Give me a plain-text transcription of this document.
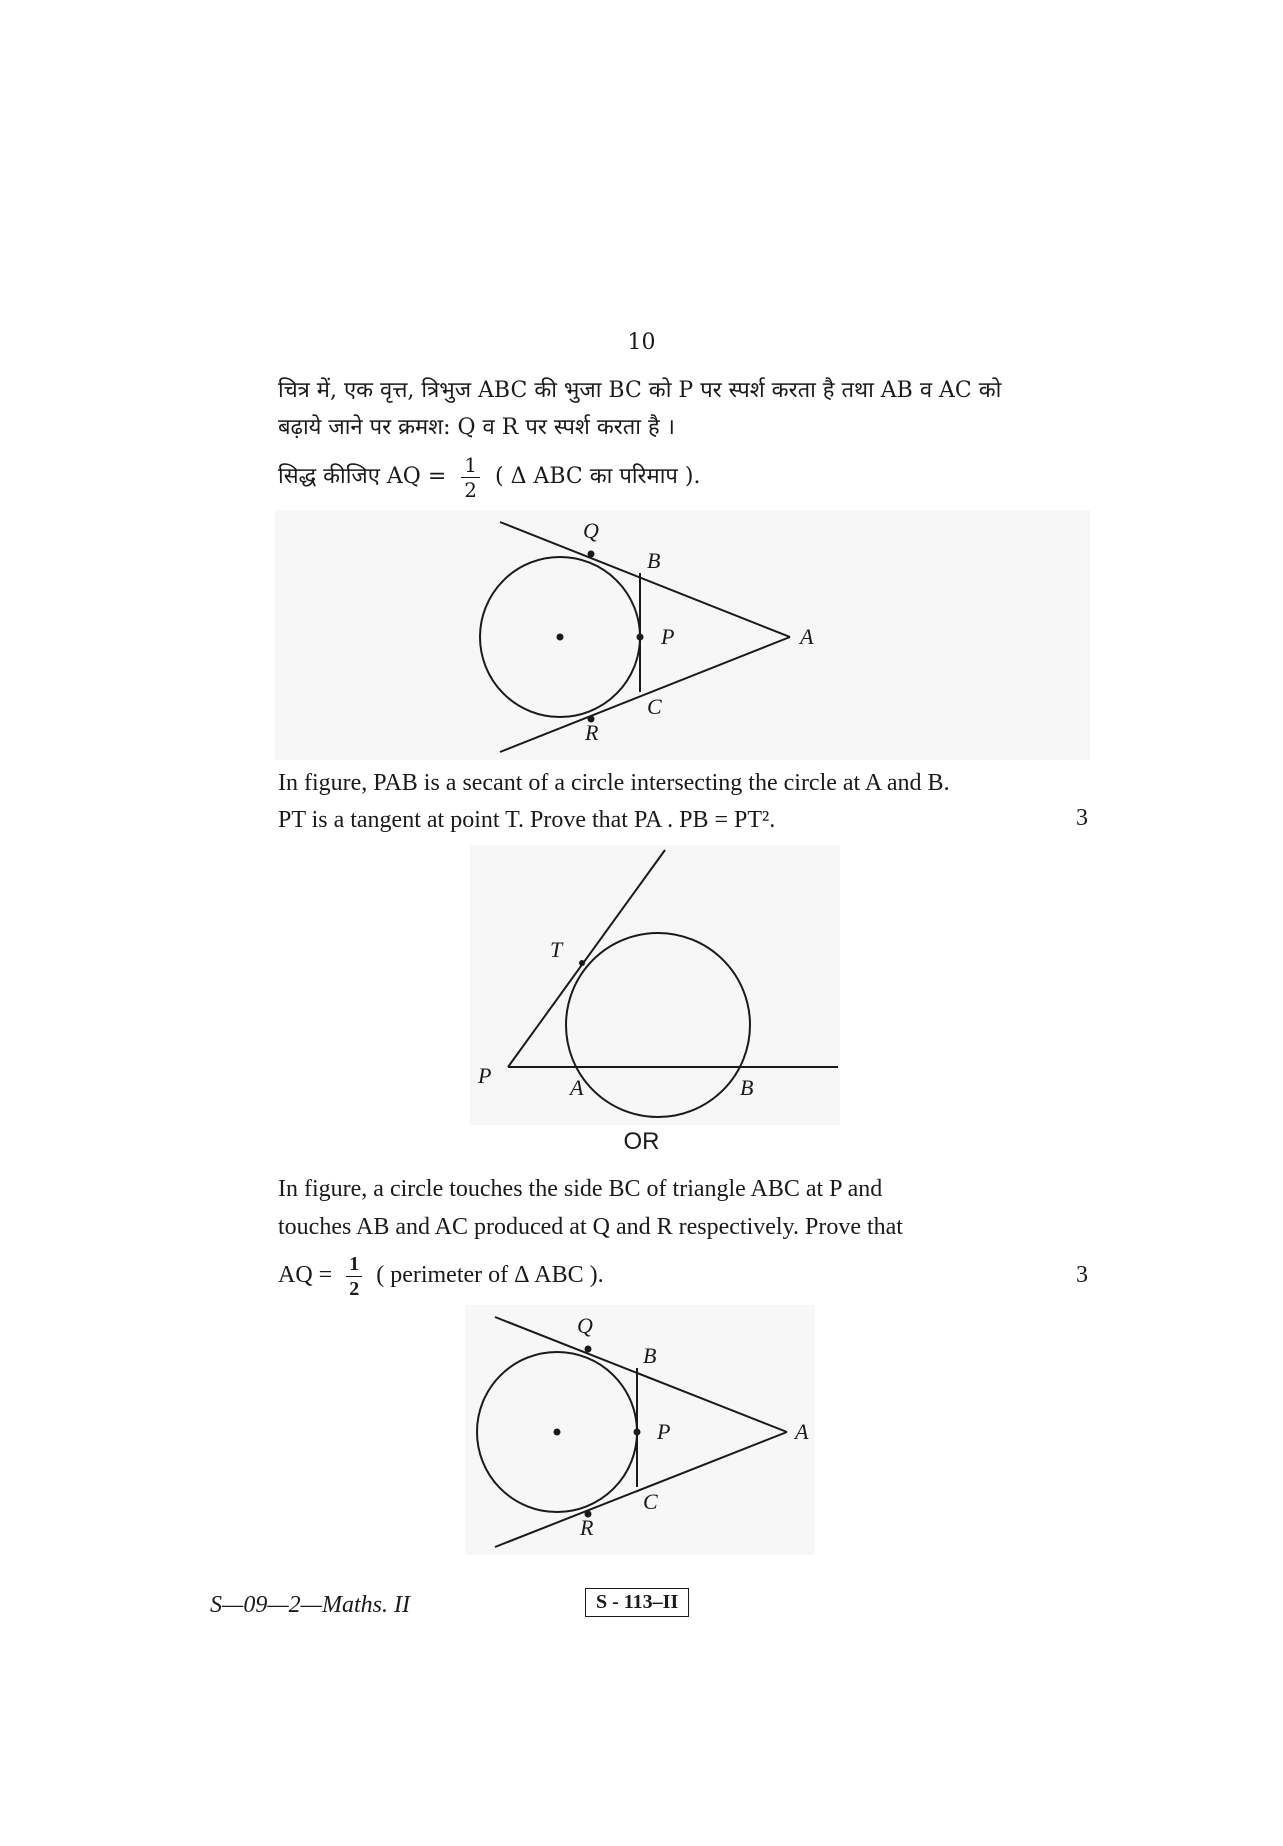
10
चित्र में, एक वृत्त, त्रिभुज ABC की भुजा BC को P पर स्पर्श करता है तथा AB व AC को
बढ़ाये जाने पर क्रमश: Q व R पर स्पर्श करता है ।
सिद्ध कीजिए AQ = $\frac{1}{2}$ ( Δ ABC का परिमाप ).
Q
B
P	A
C
R
In figure, PAB is a secant of a circle intersecting the circle at A and B.
PT is a tangent at point T. Prove that PA . PB = PT².	3
T
P	A	B
OR
In figure, a circle touches the side BC of triangle ABC at P and
touches AB and AC produced at Q and R respectively. Prove that
AQ = $\frac{1}{2}$ ( perimeter of Δ ABC ).	3
Q
B
P	A
C
R
S—09—2—Maths. II	S - 113–II
